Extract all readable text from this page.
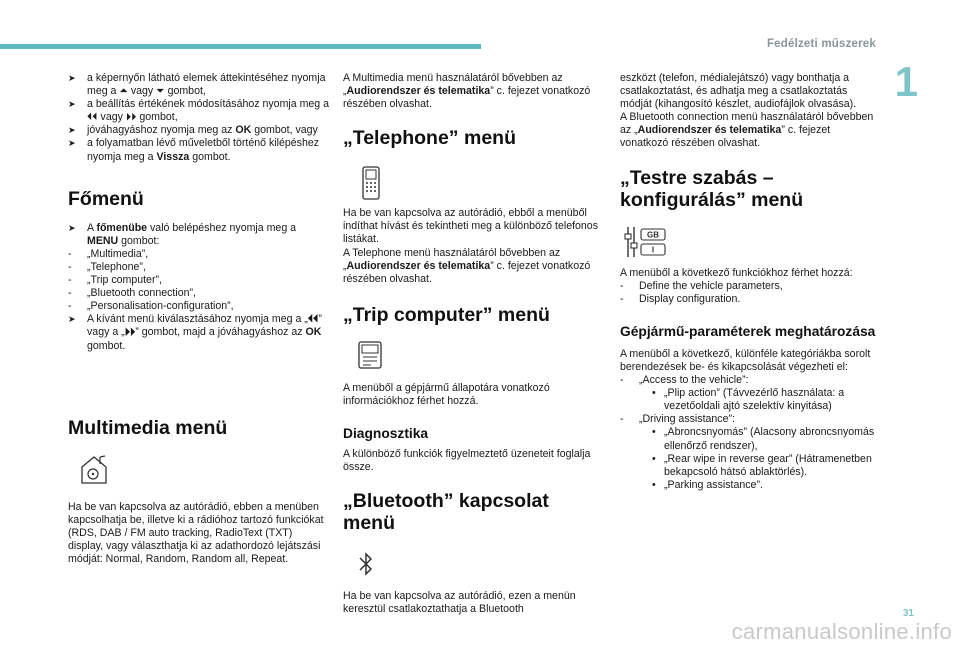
Fedélzeti műszerek
1
➤ a képernyőn látható elemek áttekintéséhez nyomja meg a ⏶ vagy ⏷ gombot,
➤ a beállítás értékének módosításához nyomja meg a ⏴⏴ vagy ⏵⏵ gombot,
➤ jóváhagyáshoz nyomja meg az OK gombot, vagy
➤ a folyamatban lévő műveletből történő kilépéshez nyomja meg a Vissza gombot.
Főmenü
➤ A főmenübe való belépéshez nyomja meg a MENU gombot:
- „Multimedia”,
- „Telephone”,
- „Trip computer”,
- „Bluetooth connection”,
- „Personalisation-configuration”,
➤ A kívánt menü kiválasztásához nyomja meg a „⏴⏴” vagy a „⏵⏵” gombot, majd a jóváhagyáshoz az OK gombot.
Multimedia menü

Ha be van kapcsolva az autórádió, ebben a menüben kapcsolhatja be, illetve ki a rádióhoz tartozó funkciókat (RDS, DAB / FM auto tracking, RadioText (TXT) display, vagy választhatja ki az adathordozó lejátszási módját: Normal, Random, Random all, Repeat.

A Multimedia menü használatáról bővebben az „Audiorendszer és telematika” c. fejezet vonatkozó részében olvashat.

„Telephone” menü

Ha be van kapcsolva az autórádió, ebből a menüből indíthat hívást és tekintheti meg a különböző telefonos listákat.

A Telephone menü használatáról bővebben az „Audiorendszer és telematika” c. fejezet vonatkozó részében olvashat.

„Trip computer” menü

A menüből a gépjármű állapotára vonatkozó információkhoz férhet hozzá.

Diagnosztika

A különböző funkciók figyelmeztető üzeneteit foglalja össze.

„Bluetooth” kapcsolat menü

Ha be van kapcsolva az autórádió, ezen a menün keresztül csatlakoztathatja a Bluetooth

eszközt (telefon, médialejátszó) vagy bonthatja a csatlakoztatást, és adhatja meg a csatlakoztatás módját (kihangosító készlet, audiofájlok olvasása).

A Bluetooth connection menü használatáról bővebben az „Audiorendszer és telematika” c. fejezet vonatkozó részében olvashat.

„Testre szabás – konfigurálás” menü
GB
I

A menüből a következő funkciókhoz férhet hozzá:

- Define the vehicle parameters,
- Display configuration.
Gépjármű-paraméterek meghatározása

A menüből a következő, különféle kategóriákba sorolt berendezések be- és kikapcsolását végezheti el:

- „Access to the vehicle”:
• „Plip action” (Távvezérlő használata: a vezetőoldali ajtó szelektív kinyitása)
- „Driving assistance”:
• „Abroncsnyomás” (Alacsony abroncsnyomás ellenőrző rendszer),
• „Rear wipe in reverse gear” (Hátramenetben bekapcsoló hátsó ablaktörlés).
• „Parking assistance”.
31
carmanualsonline.info
